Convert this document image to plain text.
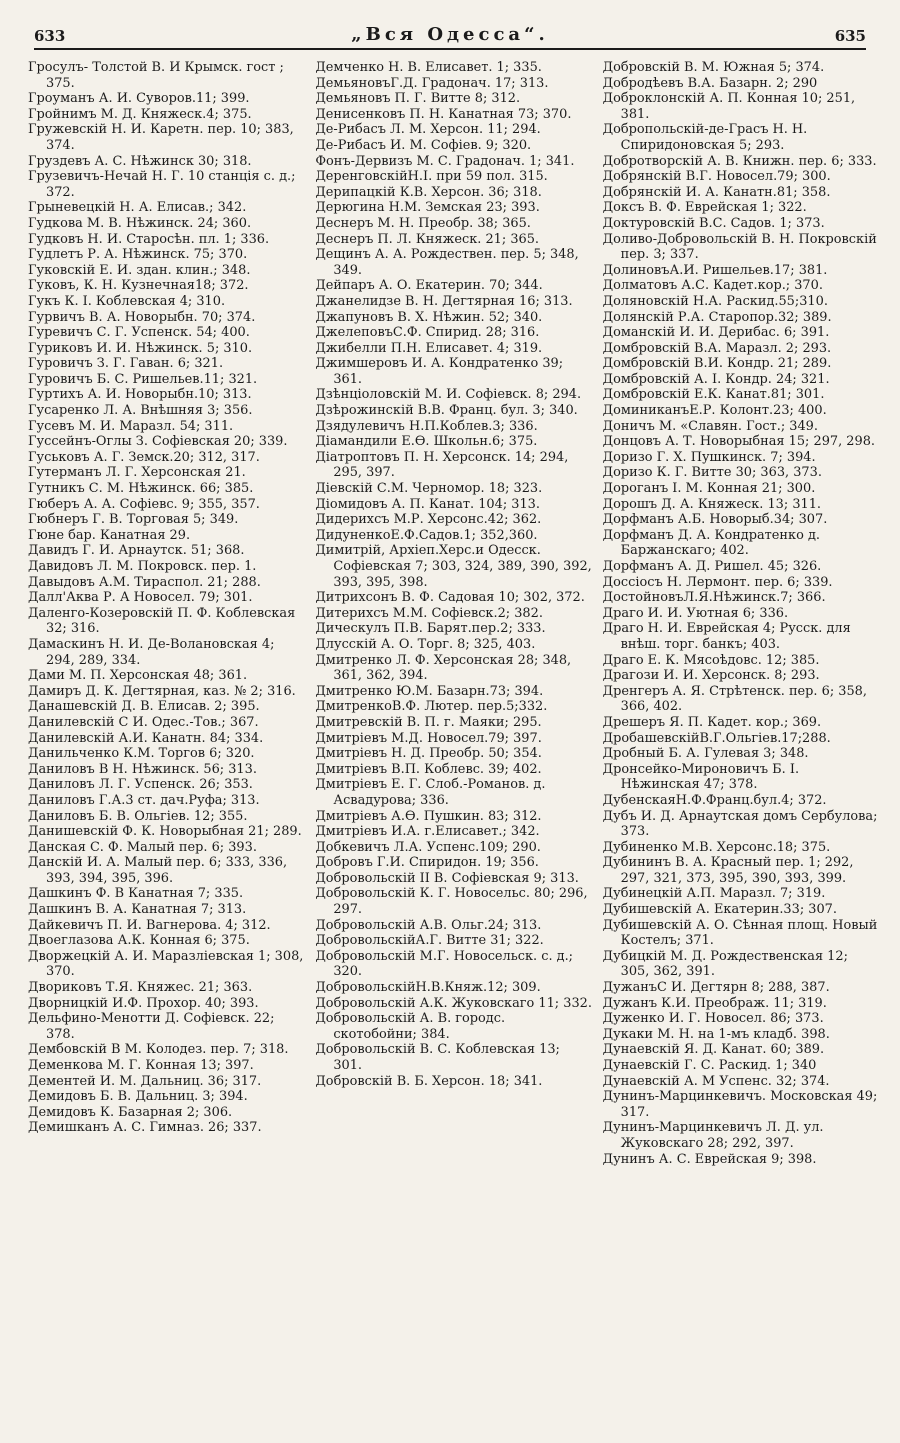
633	„Вся Одесса“.	635

Гросулъ- Толстой В. И Крымск. гост ; 375.

Гроуманъ А. И. Суворов.11; 399.

Гройнимъ М. Д. Княжеск.4; 375.

Гружевскій Н. И. Каретн. пер. 10; 383, 374.

Груздевъ А. С. Нѣжинск 30; 318.

Грузевичъ-Нечай Н. Г. 10 станція с. д.; 372.

Грыневецкій Н. А. Елисав.; 342.

Гудкова М. В. Нѣжинск. 24; 360.

Гудковъ Н. И. Старосѣн. пл. 1; 336.

Гудлетъ Р. А. Нѣжинск. 75; 370.

Гуковскій Е. И. здан. клин.; 348.

Гуковъ, К. Н. Кузнечная18; 372.

Гукъ К. I. Коблевская 4; 310.

Гурвичъ В. А. Новорыбн. 70; 374.

Гуревичъ С. Г. Успенск. 54; 400.

Гуриковъ И. И. Нѣжинск. 5; 310.

Гуровичъ З. Г. Гаван. 6; 321.

Гуровичъ Б. С. Ришельев.11; 321.

Гуртихъ А. И. Новорыбн.10; 313.

Гусаренко Л. А. Внѣшняя 3; 356.

Гусевъ М. И. Маразл. 54; 311.

Гуссейнъ-Оглы З. Софіевская 20; 339.

Гуськовъ А. Г. Земск.20; 312, 317.

Гутерманъ Л. Г. Херсонская 21.

Гутникъ С. М. Нѣжинск. 66; 385.

Гюберъ А. А. Софіевс. 9; 355, 357.

Гюбнеръ Г. В. Торговая 5; 349.

Гюне бар. Канатная 29.

Давидъ Г. И. Арнаутск. 51; 368.

Давидовъ Л. М. Покровск. пер. 1.

Давыдовъ А.М. Тираспол. 21; 288.

Далл'Аква Р. А Новосел. 79; 301.

Даленго-Козеровскій П. Ф. Коблевская 32; 316.

Дамаскинъ Н. И. Де-Волановская 4; 294, 289, 334.

Дами М. П. Херсонская 48; 361.

Дамиръ Д. К. Дегтярная, каз. № 2; 316.

Данашевскій Д. В. Елисав. 2; 395.

Данилевскій С И. Одес.-Тов.; 367.

Данилевскій А.И. Канатн. 84; 334.

Данильченко К.М. Торгов 6; 320.

Даниловъ В Н. Нѣжинск. 56; 313.

Даниловъ Л. Г. Успенск. 26; 353.

Даниловъ Г.А.3 ст. дач.Руфа; 313.

Даниловъ Б. В. Ольгіев. 12; 355.

Данишевскій Ф. К. Новорыбная 21; 289.

Данская С. Ф. Малый пер. 6; 393.

Данскій И. А. Малый пер. 6; 333, 336, 393, 394, 395, 396.

Дашкинъ Ф. В Канатная 7; 335.

Дашкинъ В. А. Канатная 7; 313.

Дайкевичъ П. И. Вагнерова. 4; 312.

Двоеглазова А.К. Конная 6; 375.

Дворжецкій А. И. Маразліевская 1; 308, 370.

Двориковъ Т.Я. Княжес. 21; 363.

Дворницкій И.Ф. Прохор. 40; 393.

Дельфино-Менотти Д. Софіевск. 22; 378.

Дембовскій В М. Колодез. пер. 7; 318.

Деменкова М. Г. Конная 13; 397.

Дементей И. М. Дальниц. 36; 317.

Демидовъ Б. В. Дальниц. 3; 394.

Демидовъ К. Базарная 2; 306.

Демишканъ А. С. Гимназ. 26; 337.

Демченко Н. В. Елисавет. 1; 335.

ДемьяновъГ.Д. Градонач. 17; 313.

Демьяновъ П. Г. Витте 8; 312.

Денисенковъ П. Н. Канатная 73; 370.

Де-Рибасъ Л. М. Херсон. 11; 294.

Де-Рибасъ И. М. Софіев. 9; 320.

Фонъ-Дервизъ М. С. Градонач. 1; 341.

ДеренговскійН.I. при 59 пол. 315.

Дерипацкій К.В. Херсон. 36; 318.

Дерюгина Н.М. Земская 23; 393.

Деснеръ М. Н. Преобр. 38; 365.

Деснеръ П. Л. Княжеск. 21; 365.

Дещинъ А. А. Рождествен. пер. 5; 348, 349.

Дейпаръ А. О. Екатерин. 70; 344.

Джанелидзе В. Н. Дегтярная 16; 313.

Джапуновъ В. Х. Нѣжин. 52; 340.

ДжелеповъС.Ф. Спирид. 28; 316.

Джибелли П.Н. Елисавет. 4; 319.

Джимшеровъ И. А. Кондратенко 39; 361.

Дзѣнціоловскій М. И. Софіевск. 8; 294.

Дзѣрожинскій В.В. Франц. бул. 3; 340.

Дзядулевичъ Н.П.Коблев.3; 336.

Діамандили Е.Ѳ. Школьн.6; 375.

Діатроптовъ П. Н. Херсонск. 14; 294, 295, 397.

Діевскій С.М. Черномор. 18; 323.

Діомидовъ А. П. Канат. 104; 313.

Дидерихсъ М.Р. Херсонс.42; 362.

ДидуненкоЕ.Ф.Садов.1; 352,360.

Димитрій, Архіеп.Херс.и Одесск. Софіевская 7; 303, 324, 389, 390, 392, 393, 395, 398.

Дитрихсонъ В. Ф. Садовая 10; 302, 372.

Дитерихсъ М.М. Софіевск.2; 382.

Дическулъ П.В. Барят.пер.2; 333.

Длусскій А. О. Торг. 8; 325, 403.

Дмитренко Л. Ф. Херсонская 28; 348, 361, 362, 394.

Дмитренко Ю.М. Базарн.73; 394.

ДмитренкоВ.Ф. Лютер. пер.5;332.

Дмитревскій В. П. г. Маяки; 295.

Дмитріевъ М.Д. Новосел.79; 397.

Дмитріевъ Н. Д. Преобр. 50; 354.

Дмитріевъ В.П. Коблевс. 39; 402.

Дмитріевъ Е. Г. Слоб.-Романов. д. Асвадурова; 336.

Дмитріевъ А.Ѳ. Пушкин. 83; 312.

Дмитріевъ И.А. г.Елисавет.; 342.

Добкевичъ Л.А. Успенс.109; 290.

Добровъ Г.И. Спиридон. 19; 356.

Добровольскій II В. Софіевская 9; 313.

Добровольскій К. Г. Новосельс. 80; 296, 297.

Добровольскій А.В. Ольг.24; 313.

ДобровольскійА.Г. Витте 31; 322.

Добровольскій М.Г. Новосельск. с. д.; 320.

ДобровольскійН.В.Княж.12; 309.

Добровольскій А.К. Жуковскаго 11; 332.

Добровольскій А. В. городс. скотобойни; 384.

Добровольскій В. С. Коблевская 13; 301.

Добровскій В. Б. Херсон. 18; 341.

Добровскій В. М. Южная 5; 374.

Добродѣевъ В.А. Базарн. 2; 290

Доброклонскій А. П. Конная 10; 251, 381.

Добропольскій-де-Грасъ Н. Н. Спиридоновская 5; 293.

Добротворскій А. В. Книжн. пер. 6; 333.

Добрянскій В.Г. Новосел.79; 300.

Добрянскій И. А. Канатн.81; 358.

Доксъ В. Ф. Еврейская 1; 322.

Доктуровскій В.С. Садов. 1; 373.

Доливо-Добровольскій В. Н. Покровскій пер. 3; 337.

ДолиновъА.И. Ришельев.17; 381.

Долматовъ А.С. Кадет.кор.; 370.

Доляновскій Н.А. Раскид.55;310.

Долянскій Р.А. Старопор.32; 389.

Доманскій И. И. Дерибас. 6; 391.

Домбровскій В.А. Маразл. 2; 293.

Домбровскій В.И. Кондр. 21; 289.

Домбровскій А. I. Кондр. 24; 321.

Домбровскій Е.К. Канат.81; 301.

ДоминиканъЕ.Р. Колонт.23; 400.

Доничъ М. «Славян. Гост.; 349.

Донцовъ А. Т. Новорыбная 15; 297, 298.

Доризо Г. Х. Пушкинск. 7; 394.

Доризо К. Г. Витте 30; 363, 373.

Дороганъ I. М. Конная 21; 300.

Дорошъ Д. А. Княжеск. 13; 311.

Дорфманъ А.Б. Новорыб.34; 307.

Дорфманъ Д. А. Кондратенко д. Баржанскаго; 402.

Дорфманъ А. Д. Ришел. 45; 326.

Доссіосъ Н. Лермонт. пер. 6; 339.

ДостойновъЛ.Я.Нѣжинск.7; 366.

Драго И. И. Уютная 6; 336.

Драго Н. И. Еврейская 4; Русск. для внѣш. торг. банкъ; 403.

Драго Е. К. Мясоѣдовс. 12; 385.

Драгози И. И. Херсонск. 8; 293.

Дренгеръ А. Я. Стрѣтенск. пер. 6; 358, 366, 402.

Дрешеръ Я. П. Кадет. кор.; 369.

ДробашевскійВ.Г.Ольгіев.17;288.

Дробный Б. А. Гулевая 3; 348.

Дронсейко-Мироновичъ Б. I. Нѣжинская 47; 378.

ДубенскаяН.Ф.Франц.бул.4; 372.

Дубъ И. Д. Арнаутская домъ Сербулова; 373.

Дубиненко М.В. Херсонс.18; 375.

Дубининъ В. А. Красный пер. 1; 292, 297, 321, 373, 395, 390, 393, 399.

Дубинецкій А.П. Маразл. 7; 319.

Дубишевскій А. Екатерин.33; 307.

Дубишевскій А. О. Сѣнная площ. Новый Костелъ; 371.

Дубицкій М. Д. Рождественская 12; 305, 362, 391.

ДужанъС И. Дегтярн 8; 288, 387.

Дужанъ К.И. Преображ. 11; 319.

Дуженко И. Г. Новосел. 86; 373.

Дукаки М. Н. на 1-мъ кладб. 398.

Дунаевскій Я. Д. Канат. 60; 389.

Дунаевскій Г. С. Раскид. 1; 340

Дунаевскій А. М Успенс. 32; 374.

Дунинъ-Марцинкевичъ. Московская 49; 317.

Дунинъ-Марцинкевичъ Л. Д. ул. Жуковскаго 28; 292, 397.

Дунинъ А. С. Еврейская 9; 398.
